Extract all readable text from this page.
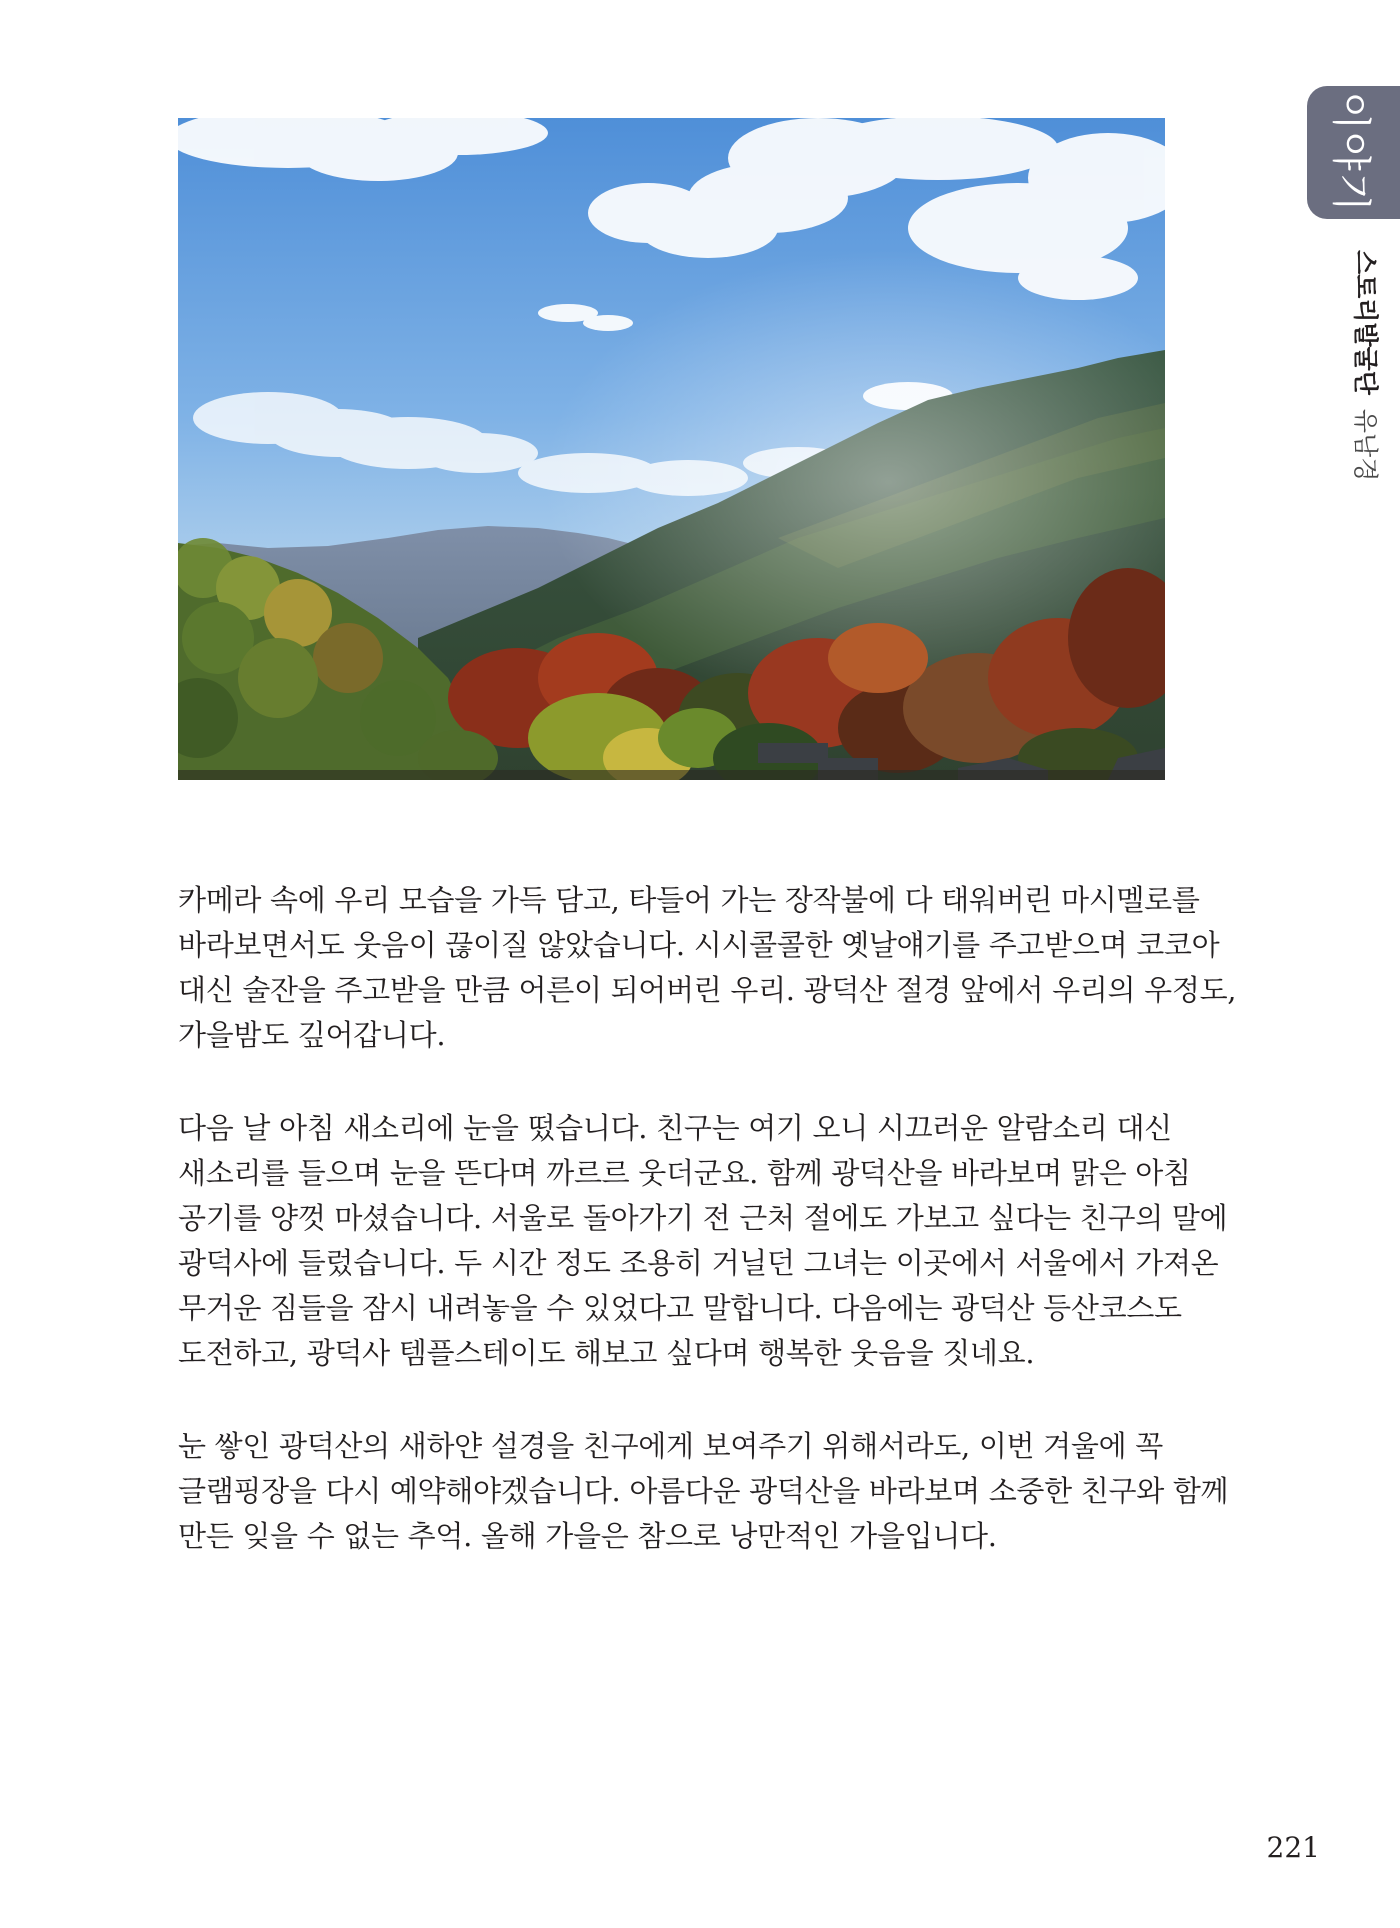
이야기
스토리발굴단유남경
카메라 속에 우리 모습을 가득 담고, 타들어 가는 장작불에 다 태워버린 마시멜로를
바라보면서도 웃음이 끊이질 않았습니다. 시시콜콜한 옛날얘기를 주고받으며 코코아
대신 술잔을 주고받을 만큼 어른이 되어버린 우리. 광덕산 절경 앞에서 우리의 우정도,
가을밤도 깊어갑니다.
다음 날 아침 새소리에 눈을 떴습니다. 친구는 여기 오니 시끄러운 알람소리 대신
새소리를 들으며 눈을 뜬다며 까르르 웃더군요. 함께 광덕산을 바라보며 맑은 아침
공기를 양껏 마셨습니다. 서울로 돌아가기 전 근처 절에도 가보고 싶다는 친구의 말에
광덕사에 들렀습니다. 두 시간 정도 조용히 거닐던 그녀는 이곳에서 서울에서 가져온
무거운 짐들을 잠시 내려놓을 수 있었다고 말합니다. 다음에는 광덕산 등산코스도
도전하고, 광덕사 템플스테이도 해보고 싶다며 행복한 웃음을 짓네요.
눈 쌓인 광덕산의 새하얀 설경을 친구에게 보여주기 위해서라도, 이번 겨울에 꼭
글램핑장을 다시 예약해야겠습니다. 아름다운 광덕산을 바라보며 소중한 친구와 함께
만든 잊을 수 없는 추억. 올해 가을은 참으로 낭만적인 가을입니다.
221
